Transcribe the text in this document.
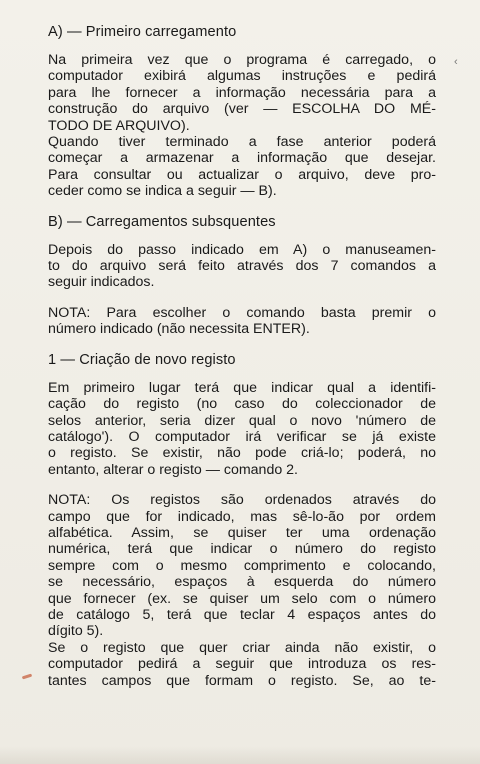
A) — Primeiro carregamento
Na primeira vez que o programa é carregado, o
computador exibirá algumas instruções e pedirá
para lhe fornecer a informação necessária para a
construção do arquivo (ver — ESCOLHA DO MÉ-
TODO DE ARQUIVO).
Quando tiver terminado a fase anterior poderá
começar a armazenar a informação que desejar.
Para consultar ou actualizar o arquivo, deve pro-
ceder como se indica a seguir — B).
B) — Carregamentos subsquentes
Depois do passo indicado em A) o manuseamen-
to do arquivo será feito através dos 7 comandos a
seguir indicados.
NOTA: Para escolher o comando basta premir o
número indicado (não necessita ENTER).
1 — Criação de novo registo
Em primeiro lugar terá que indicar qual a identifi-
cação do registo (no caso do coleccionador de
selos anterior, seria dizer qual o novo 'número de
catálogo'). O computador irá verificar se já existe
o registo. Se existir, não pode criá-lo; poderá, no
entanto, alterar o registo — comando 2.
NOTA: Os registos são ordenados através do
campo que for indicado, mas sê-lo-ão por ordem
alfabética. Assim, se quiser ter uma ordenação
numérica, terá que indicar o número do registo
sempre com o mesmo comprimento e colocando,
se necessário, espaços à esquerda do número
que fornecer (ex. se quiser um selo com o número
de catálogo 5, terá que teclar 4 espaços antes do
dígito 5).
Se o registo que quer criar ainda não existir, o
computador pedirá a seguir que introduza os res-
tantes campos que formam o registo. Se, ao te-
‹
